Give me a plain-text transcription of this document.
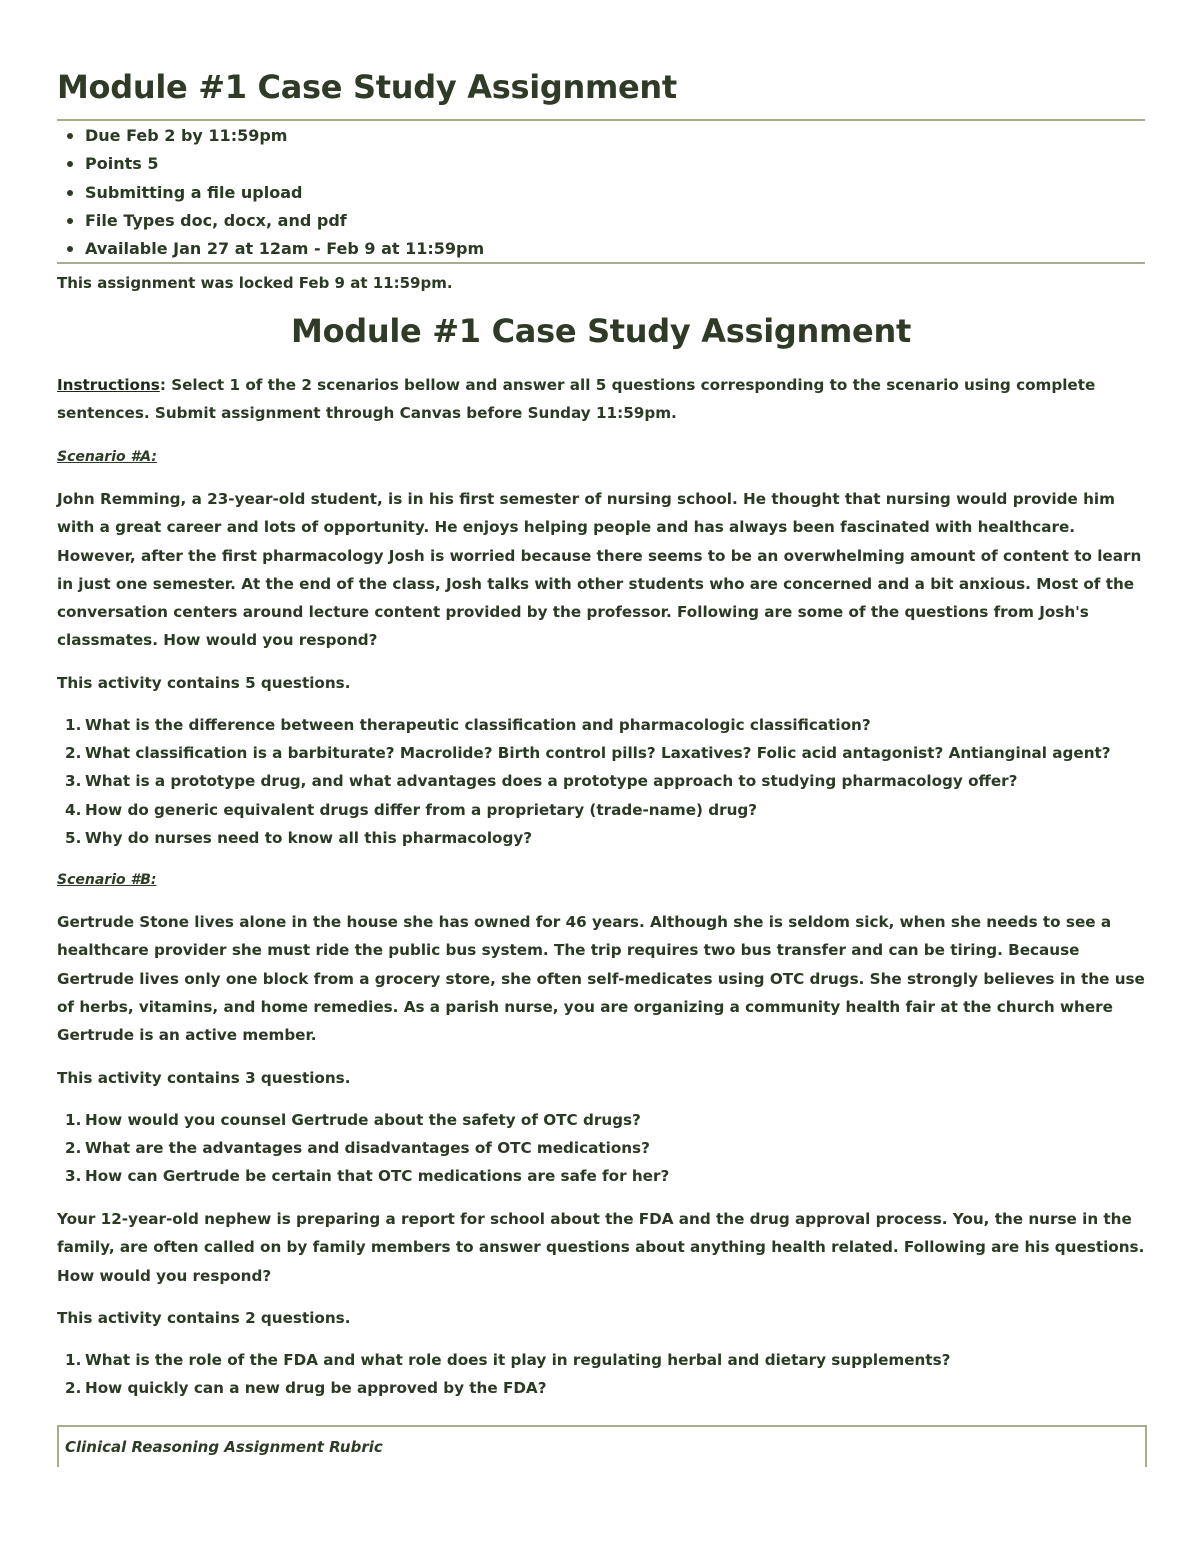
Module #1 Case Study Assignment
Due Feb 2 by 11:59pm
Points 5
Submitting a file upload
File Types doc, docx, and pdf
Available Jan 27 at 12am - Feb 9 at 11:59pm
This assignment was locked Feb 9 at 11:59pm.
Module #1 Case Study Assignment

Instructions: Select 1 of the 2 scenarios bellow and answer all 5 questions corresponding to the scenario using complete sentences. Submit assignment through Canvas before Sunday 11:59pm.

Scenario #A:

John Remming, a 23-year-old student, is in his first semester of nursing school. He thought that nursing would provide him with a great career and lots of opportunity. He enjoys helping people and has always been fascinated with healthcare. However, after the first pharmacology Josh is worried because there seems to be an overwhelming amount of content to learn in just one semester. At the end of the class, Josh talks with other students who are concerned and a bit anxious. Most of the conversation centers around lecture content provided by the professor. Following are some of the questions from Josh's classmates. How would you respond?

This activity contains 5 questions.

1. What is the difference between therapeutic classification and pharmacologic classification?
2. What classification is a barbiturate? Macrolide? Birth control pills? Laxatives? Folic acid antagonist? Antianginal agent?
3. What is a prototype drug, and what advantages does a prototype approach to studying pharmacology offer?
4. How do generic equivalent drugs differ from a proprietary (trade-name) drug?
5. Why do nurses need to know all this pharmacology?
Scenario #B:

Gertrude Stone lives alone in the house she has owned for 46 years. Although she is seldom sick, when she needs to see a healthcare provider she must ride the public bus system. The trip requires two bus transfer and can be tiring. Because Gertrude lives only one block from a grocery store, she often self-medicates using OTC drugs. She strongly believes in the use of herbs, vitamins, and home remedies. As a parish nurse, you are organizing a community health fair at the church where Gertrude is an active member.

This activity contains 3 questions.

1. How would you counsel Gertrude about the safety of OTC drugs?
2. What are the advantages and disadvantages of OTC medications?
3. How can Gertrude be certain that OTC medications are safe for her?

Your 12-year-old nephew is preparing a report for school about the FDA and the drug approval process. You, the nurse in the family, are often called on by family members to answer questions about anything health related. Following are his questions. How would you respond?

This activity contains 2 questions.

1. What is the role of the FDA and what role does it play in regulating herbal and dietary supplements?
2. How quickly can a new drug be approved by the FDA?
Clinical Reasoning Assignment Rubric
